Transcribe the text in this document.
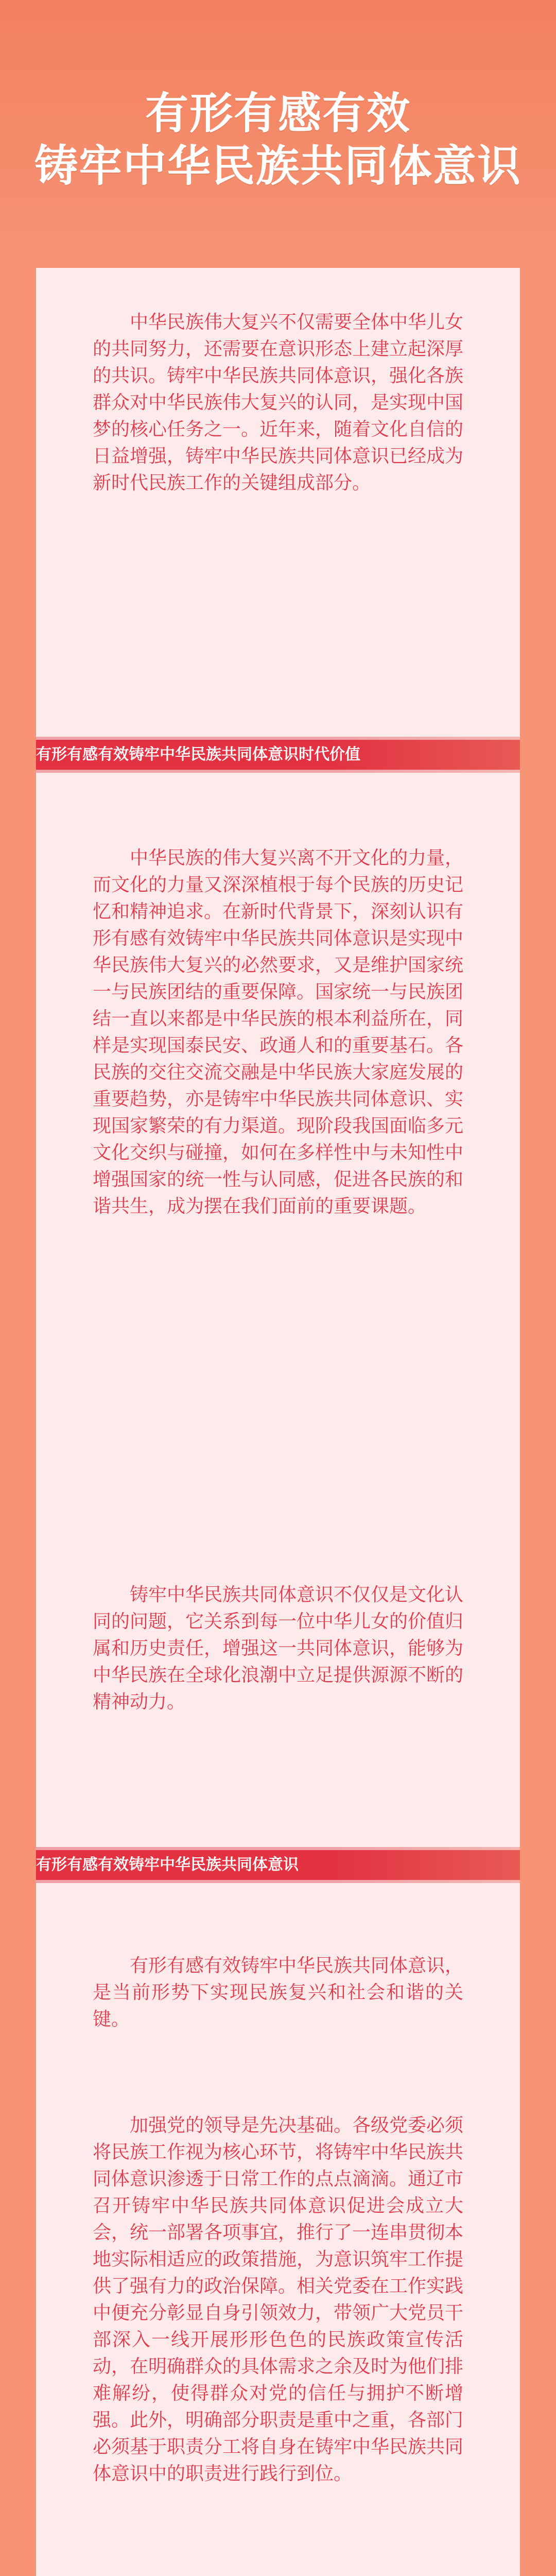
有形有感有效
铸牢中华民族共同体意识

中华民族伟大复兴不仅需要全体中华儿女的共同努力，还需要在意识形态上建立起深厚的共识。铸牢中华民族共同体意识，强化各族群众对中华民族伟大复兴的认同，是实现中国梦的核心任务之一。近年来，随着文化自信的日益增强，铸牢中华民族共同体意识已经成为新时代民族工作的关键组成部分。

有形有感有效铸牢中华民族共同体意识时代价值

中华民族的伟大复兴离不开文化的力量，而文化的力量又深深植根于每个民族的历史记忆和精神追求。在新时代背景下，深刻认识有形有感有效铸牢中华民族共同体意识是实现中华民族伟大复兴的必然要求，又是维护国家统一与民族团结的重要保障。国家统一与民族团结一直以来都是中华民族的根本利益所在，同样是实现国泰民安、政通人和的重要基石。各民族的交往交流交融是中华民族大家庭发展的重要趋势，亦是铸牢中华民族共同体意识、实现国家繁荣的有力渠道。现阶段我国面临多元文化交织与碰撞，如何在多样性中与未知性中增强国家的统一性与认同感，促进各民族的和谐共生，成为摆在我们面前的重要课题。

铸牢中华民族共同体意识不仅仅是文化认同的问题，它关系到每一位中华儿女的价值归属和历史责任，增强这一共同体意识，能够为中华民族在全球化浪潮中立足提供源源不断的精神动力。

有形有感有效铸牢中华民族共同体意识

有形有感有效铸牢中华民族共同体意识，是当前形势下实现民族复兴和社会和谐的关键。

加强党的领导是先决基础。各级党委必须将民族工作视为核心环节，将铸牢中华民族共同体意识渗透于日常工作的点点滴滴。通辽市召开铸牢中华民族共同体意识促进会成立大会，统一部署各项事宜，推行了一连串贯彻本地实际相适应的政策措施，为意识筑牢工作提供了强有力的政治保障。相关党委在工作实践中便充分彰显自身引领效力，带领广大党员干部深入一线开展形形色色的民族政策宣传活动，在明确群众的具体需求之余及时为他们排难解纷，使得群众对党的信任与拥护不断增强。此外，明确部分职责是重中之重，各部门必须基于职责分工将自身在铸牢中华民族共同体意识中的职责进行践行到位。
